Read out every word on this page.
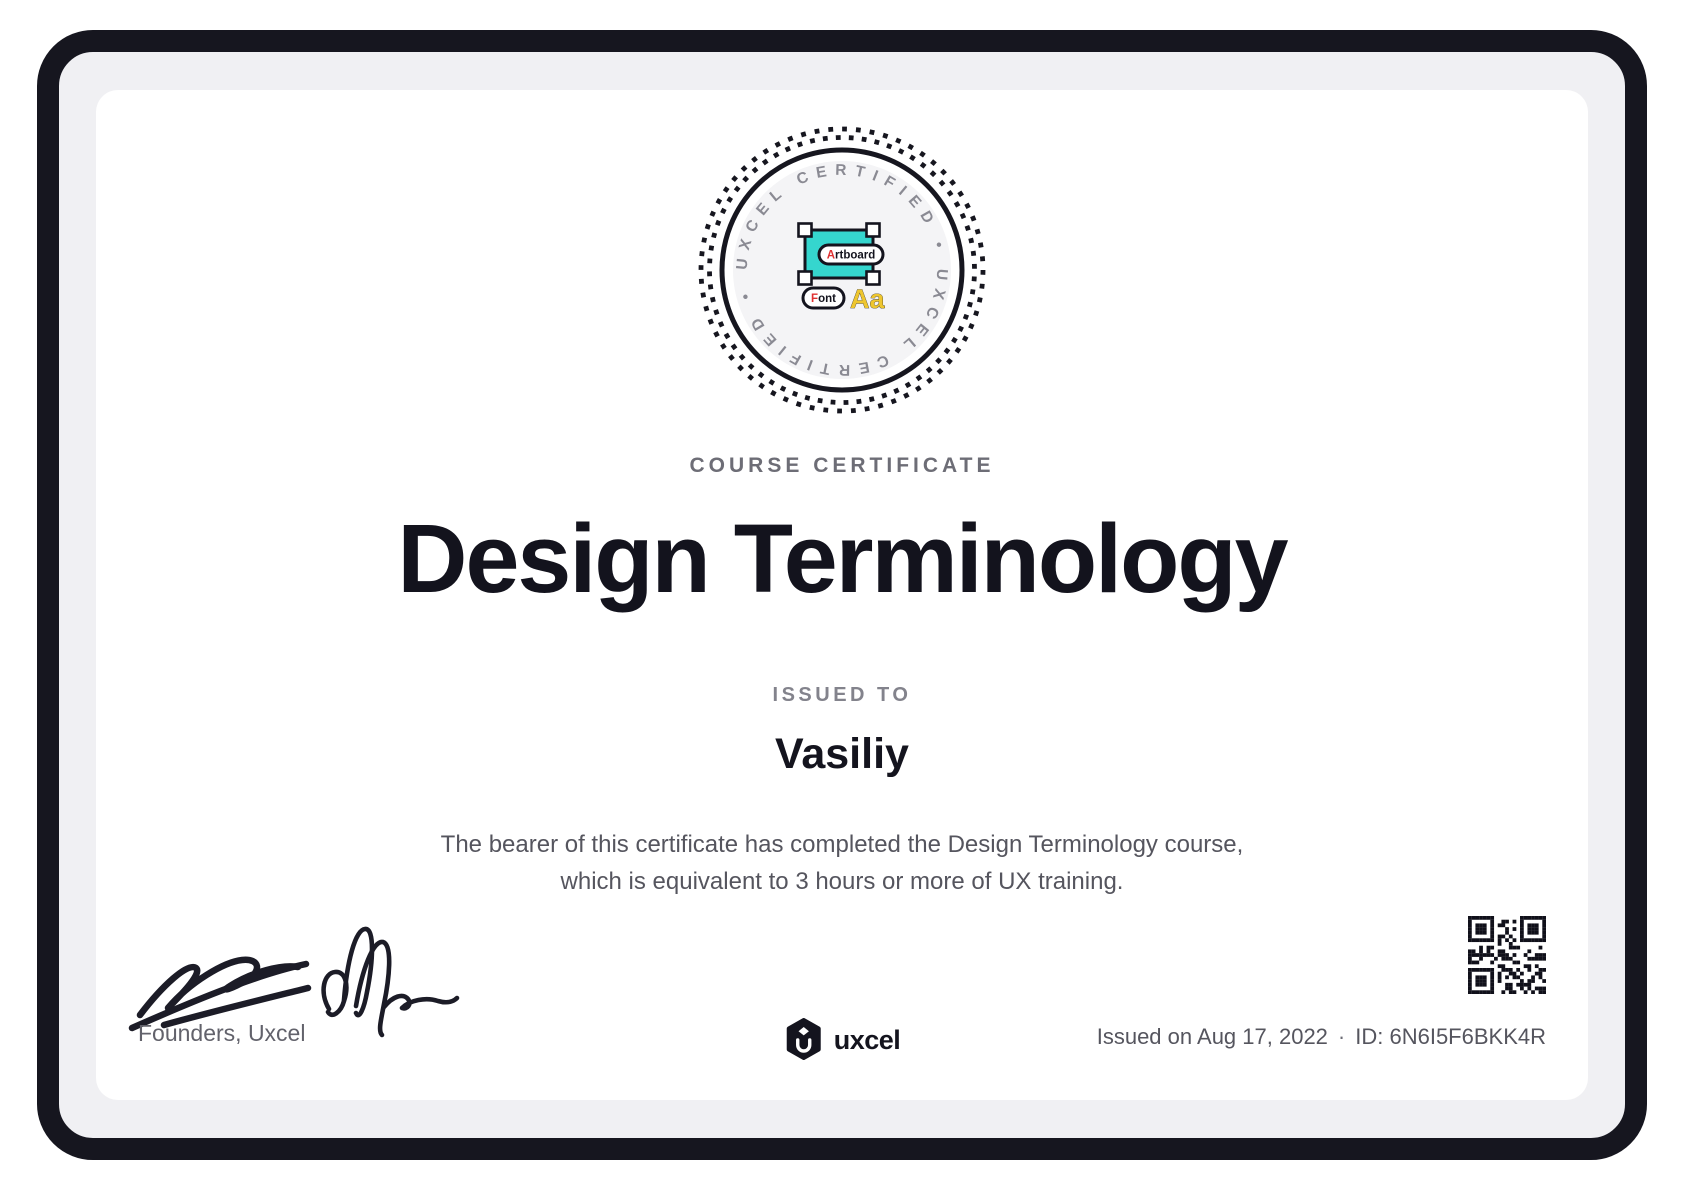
UXCEL CERTIFIED • UXCEL CERTIFIED •
Artboard
Font Aa
COURSE CERTIFICATE
Design Terminology
ISSUED TO
Vasiliy
The bearer of this certificate has completed the Design Terminology course,
which is equivalent to 3 hours or more of UX training.
Founders, Uxcel	uxcel	Issued on Aug 17, 2022 · ID: 6N6I5F6BKK4R
